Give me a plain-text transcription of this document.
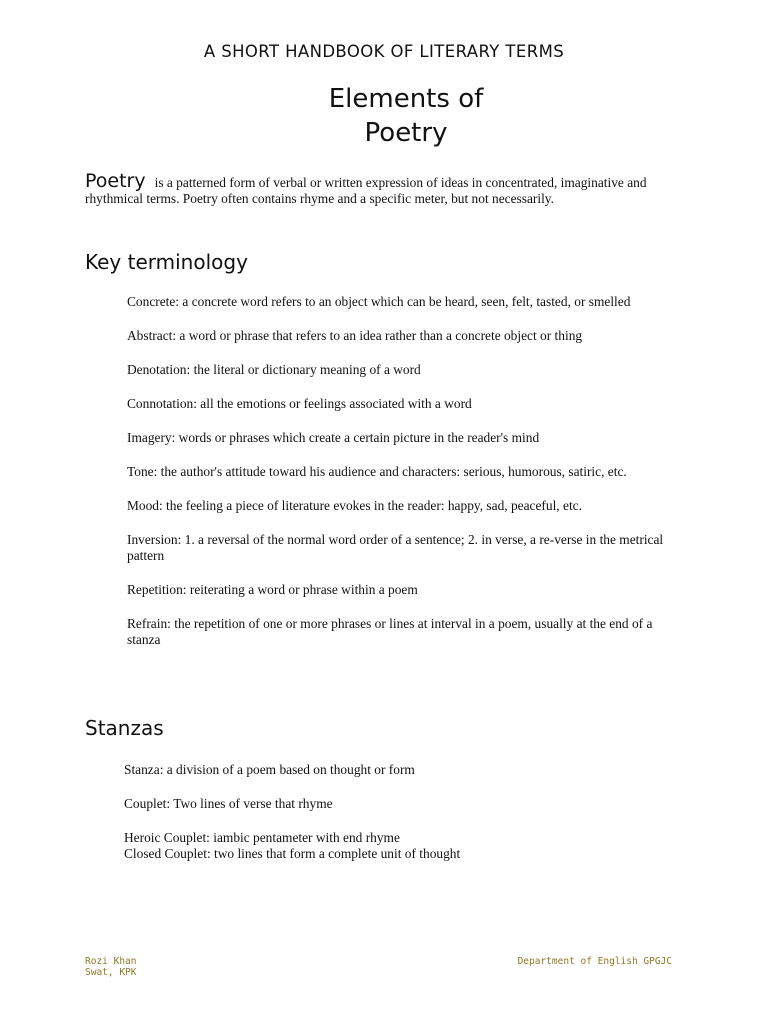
A SHORT HANDBOOK OF LITERARY TERMS
Elements of
Poetry
Poetry is a patterned form of verbal or written expression of ideas in concentrated, imaginative and rhythmical terms. Poetry often contains rhyme and a specific meter, but not necessarily.
Key terminology
Concrete: a concrete word refers to an object which can be heard, seen, felt, tasted, or smelled
Abstract: a word or phrase that refers to an idea rather than a concrete object or thing
Denotation: the literal or dictionary meaning of a word
Connotation: all the emotions or feelings associated with a word
Imagery: words or phrases which create a certain picture in the reader's mind
Tone: the author's attitude toward his audience and characters: serious, humorous, satiric, etc.
Mood: the feeling a piece of literature evokes in the reader: happy, sad, peaceful, etc.
Inversion: 1. a reversal of the normal word order of a sentence; 2. in verse, a re-verse in the metrical pattern
Repetition: reiterating a word or phrase within a poem
Refrain: the repetition of one or more phrases or lines at interval in a poem, usually at the end of a stanza
Stanzas
Stanza: a division of a poem based on thought or form
Couplet: Two lines of verse that rhyme
Heroic Couplet: iambic pentameter with end rhyme
Closed Couplet: two lines that form a complete unit of thought
Rozi Khan
Swat, KPK
Department of English GPGJC
